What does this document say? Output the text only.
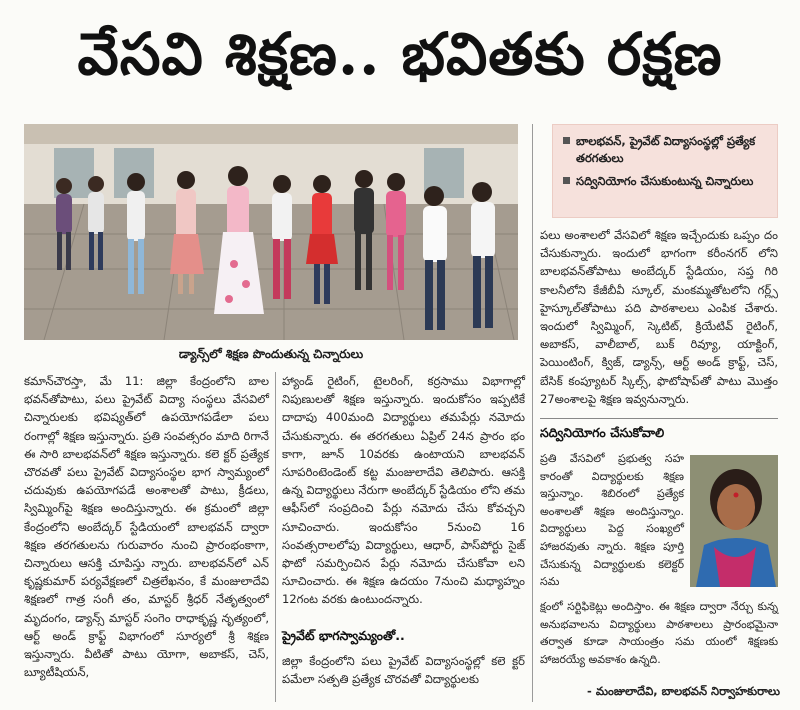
వేసవి శిక్షణ.. భవితకు రక్షణ
డ్యాన్స్‌లో శిక్షణ పొందుతున్న చిన్నారులు
బాలభవన్, ప్రైవేట్ విద్యాసంస్థల్లో ప్రత్యేక తరగతులు
సద్వినియోగం చేసుకుంటున్న చిన్నారులు

కమాన్‌చౌరస్తా, మే 11: జిల్లా కేంద్రంలోని బాల భవన్‌తోపాటు, పలు ప్రైవేట్ విద్యా సంస్థలు వేసవిలో చిన్నారులకు భవిష్యత్‌లో ఉపయోగపడేలా పలు రంగాల్లో శిక్షణ ఇస్తున్నారు. ప్రతి సంవత్సరం మాది రిగానే ఈ సారి బాలభవన్‌లో శిక్షణ ఇస్తున్నారు. కలె క్టర్ ప్రత్యేక చొరవతో పలు ప్రైవేట్ విద్యాసంస్థల భాగ స్వామ్యంలో చదువుకు ఉపయోగపడే అంశాలతో పాటు, క్రీడలు, స్విమ్మింగ్‌పై శిక్షణ అందిస్తున్నారు. ఈ క్రమంలో జిల్లా కేంద్రంలోని అంబేద్కర్ స్టేడియంలో బాలభవన్ ద్వారా శిక్షణ తరగతులను గురువారం నుంచి ప్రారంభంకాగా, చిన్నారులు ఆసక్తి చూపిస్తు న్నారు. బాలభవన్‌లో ఎన్ కృష్ణకుమార్ పర్యవేక్షణలో చిత్రలేఖనం, కే మంజులాదేవి శిక్షణలో గాత్ర సంగీ తం, మాస్టర్ శ్రీధర్ నేతృత్వంలో మృదంగం, డ్యాన్స్ మాస్టర్ సంగెం రాధాకృష్ణ నృత్యంలో, ఆర్ట్ అండ్ క్రాఫ్ట్ విభాగంలో సూర్యలో శ్రీ శిక్షణ ఇస్తున్నారు. వీటితో పాటు యోగా, అబాకస్, చెస్, బ్యూటీషియన్,

హ్యాండ్ రైటింగ్, టైలరింగ్, కర్రసాము విభాగాల్లో నిపుణులతో శిక్షణ ఇస్తున్నారు. ఇందుకోసం ఇప్పటికే దాదాపు 400మంది విద్యార్థులు తమపేర్లు నమోదు చేసుకున్నారు. ఈ తరగతులు ఏప్రిల్ 24న ప్రారం భం కాగా, జూన్ 10వరకు ఉంటాయని బాలభవన్ సూపరింటెండెంట్ కట్ట మంజులాదేవి తెలిపారు. ఆసక్తి ఉన్న విద్యార్థులు నేరుగా అంబేద్కర్ స్టేడియం లోని తమ ఆఫీస్‌లో సంప్రదించి పేర్లు నమోదు చేసు కోవచ్చని సూచించారు. ఇందుకోసం 5నుంచి 16 సంవత్సరాలలోపు విద్యార్థులు, ఆధార్, పాస్‌పోర్టు సైజ్ ఫొటో సమర్పించిన పేర్లు నమోదు చేసుకోవా లని సూచించారు. ఈ శిక్షణ ఉదయం 7నుంచి మధ్యాహ్నం 12గంట వరకు ఉంటుందన్నారు.

ప్రైవేట్ భాగస్వామ్యంతో..

జిల్లా కేంద్రంలోని పలు ప్రైవేట్ విద్యాసంస్థల్లో కలె క్టర్ పమేలా సత్పతి ప్రత్యేక చొరవతో విద్యార్థులకు

పలు అంశాలలో వేసవిలో శిక్షణ ఇచ్చేందుకు ఒప్పం దం చేసుకున్నారు. ఇందులో భాగంగా కరీంనగర్ లోని బాలభవన్‌తోపాటు అంబేద్కర్ స్టేడియం, సప్త గిరి కాలనీలోని కేజీబీవీ స్కూల్, మంకమ్మతోటలోని గర్ల్స్ హైస్కూల్‌తోపాటు పది పాఠశాలలు ఎంపిక చేశారు. ఇందులో స్విమ్మింగ్, స్కెటిట్, క్రియేటివ్ రైటింగ్, అబాకస్, వాలీబాల్, బుక్ రివ్యూ, యాక్టింగ్, పెయింటింగ్, క్విజ్, డ్యాన్స్, ఆర్ట్ అండ్ క్రాఫ్ట్, చెస్, బేసిక్ కంప్యూటర్ స్కిల్స్, ఫొటోషాప్‌తో పాటు మొత్తం 27అంశాలపై శిక్షణ ఇవ్వనున్నారు.

సద్వినియోగం చేసుకోవాలి

ప్రతి వేసవిలో ప్రభుత్వ సహ కారంతో విద్యార్థులకు శిక్షణ ఇస్తున్నాం. శిబిరంలో ప్రత్యేక అంశాలతో శిక్షణ అందిస్తున్నాం. విద్యార్థులు పెద్ద సంఖ్యలో హాజరవుతు న్నారు. శిక్షణ పూర్తి చేసుకున్న విద్యార్థులకు కలెక్టర్ సమ

క్షంలో సర్టిఫికెట్లు అందిస్తాం. ఈ శిక్షణ ద్వారా నేర్చు కున్న అనుభవాలను విద్యార్థులు పాఠశాలలు ప్రారంభమైనా తర్వాత కూడా సాయంత్రం సమ యంలో శిక్షణకు హాజరయ్యే అవకాశం ఉన్నది.

- మంజులాదేవి, బాలభవన్ నిర్వాహకురాలు
